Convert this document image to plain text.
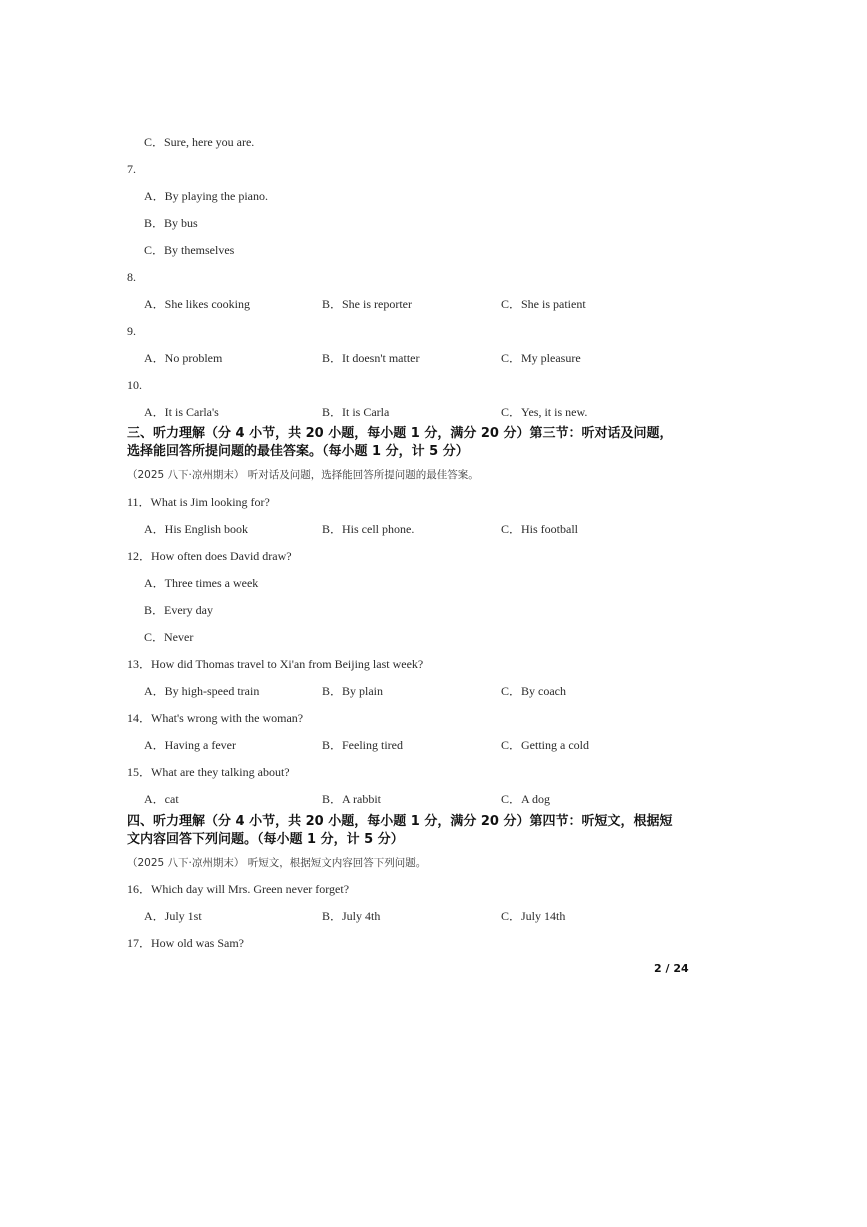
C．Sure, here you are.
7.
A．By playing the piano.
B．By bus
C．By themselves
8.
A．She likes cooking	B．She is reporter	C．She is patient
9.
A．No problem	B．It doesn't matter	C．My pleasure
10.
A．It is Carla's	B．It is Carla	C．Yes, it is new.
三、听力理解（分 4 小节，共 20 小题，每小题 1 分，满分 20 分）第三节：听对话及问题，
选择能回答所提问题的最佳答案。（每小题 1 分，计 5 分）
（2025 八下·凉州期末） 听对话及问题，选择能回答所提问题的最佳答案。
11．What is Jim looking for?
A．His English book	B．His cell phone.	C．His football
12．How often does David draw?
A．Three times a week
B．Every day
C．Never
13．How did Thomas travel to Xi'an from Beijing last week?
A．By high-speed train	B．By plain	C．By coach
14．What's wrong with the woman?
A．Having a fever	B．Feeling tired	C．Getting a cold
15．What are they talking about?
A．cat	B．A rabbit	C．A dog
四、听力理解（分 4 小节，共 20 小题，每小题 1 分，满分 20 分）第四节：听短文，根据短
文内容回答下列问题。（每小题 1 分，计 5 分）
（2025 八下·凉州期末） 听短文，根据短文内容回答下列问题。
16．Which day will Mrs. Green never forget?
A．July 1st	B．July 4th	C．July 14th
17．How old was Sam?
2 / 24
